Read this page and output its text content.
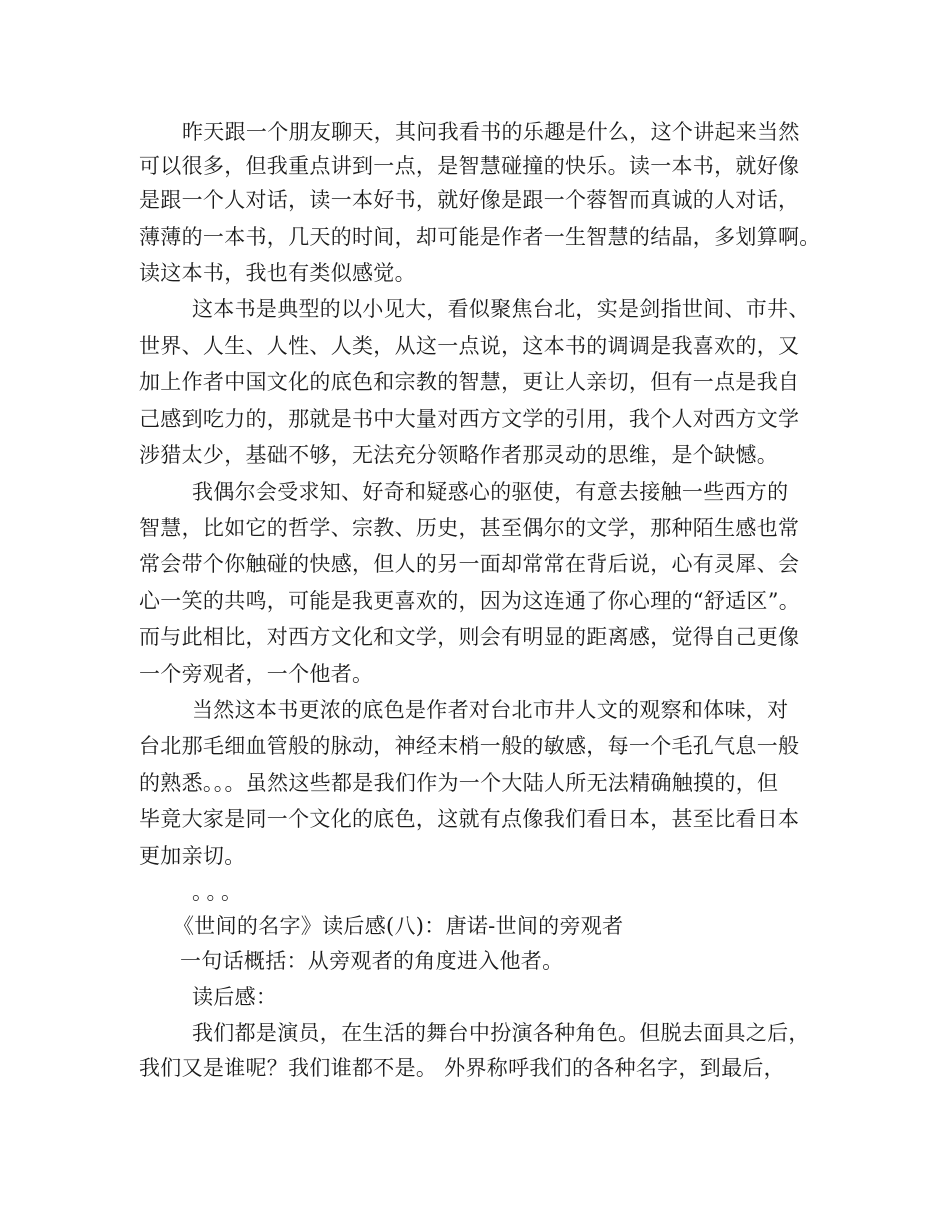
昨天跟一个朋友聊天，其问我看书的乐趣是什么，这个讲起来当然
可以很多，但我重点讲到一点，是智慧碰撞的快乐。读一本书，就好像
是跟一个人对话，读一本好书，就好像是跟一个蓉智而真诚的人对话，
薄薄的一本书，几天的时间，却可能是作者一生智慧的结晶，多划算啊。
读这本书，我也有类似感觉。
这本书是典型的以小见大，看似聚焦台北，实是剑指世间、市井、
世界、人生、人性、人类，从这一点说，这本书的调调是我喜欢的，又
加上作者中国文化的底色和宗教的智慧，更让人亲切，但有一点是我自
己感到吃力的，那就是书中大量对西方文学的引用，我个人对西方文学
涉猎太少，基础不够，无法充分领略作者那灵动的思维，是个缺憾。
我偶尔会受求知、好奇和疑惑心的驱使，有意去接触一些西方的
智慧，比如它的哲学、宗教、历史，甚至偶尔的文学，那种陌生感也常
常会带个你触碰的快感，但人的另一面却常常在背后说，心有灵犀、会
心一笑的共鸣，可能是我更喜欢的，因为这连通了你心理的“舒适区”。
而与此相比，对西方文化和文学，则会有明显的距离感，觉得自己更像
一个旁观者，一个他者。
当然这本书更浓的底色是作者对台北市井人文的观察和体味，对
台北那毛细血管般的脉动，神经末梢一般的敏感，每一个毛孔气息一般
的熟悉。。。虽然这些都是我们作为一个大陆人所无法精确触摸的，但
毕竟大家是同一个文化的底色，这就有点像我们看日本，甚至比看日本
更加亲切。
。。。
《世间的名字》读后感(八)：唐诺-世间的旁观者
一句话概括：从旁观者的角度进入他者。
读后感：
我们都是演员，在生活的舞台中扮演各种角色。但脱去面具之后，
我们又是谁呢？我们谁都不是。 外界称呼我们的各种名字，到最后，
